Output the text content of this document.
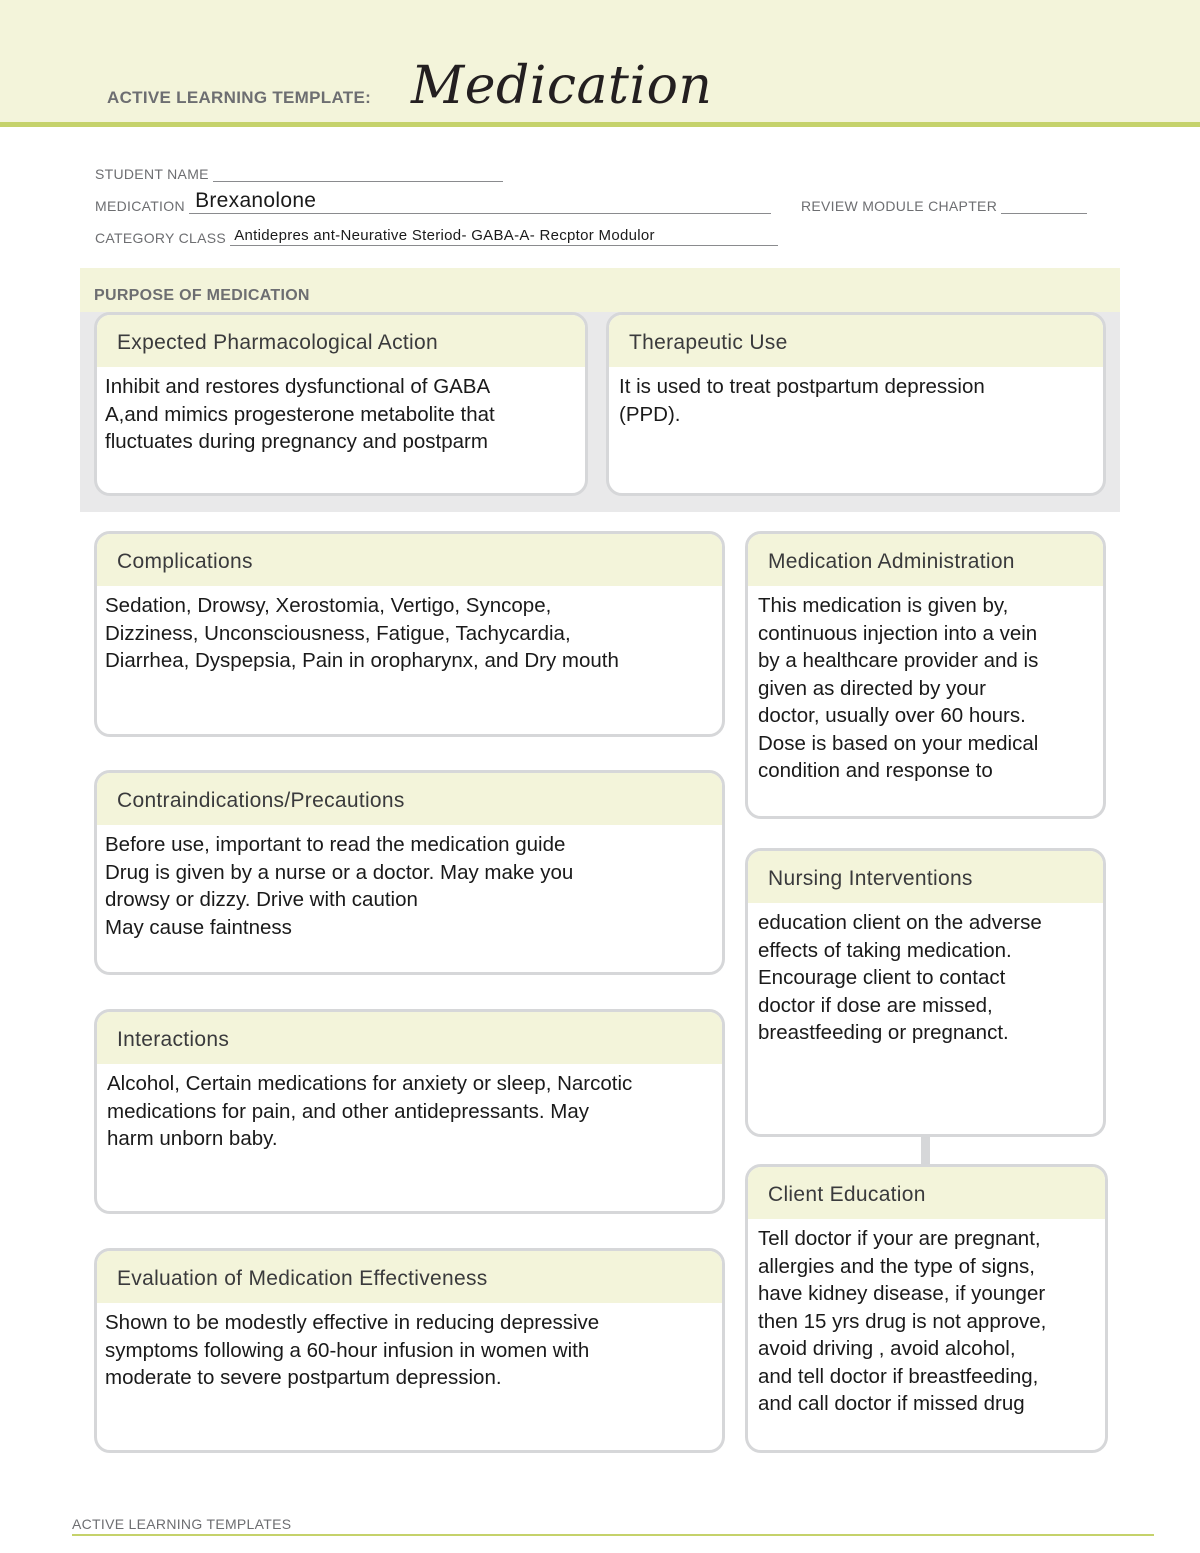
ACTIVE LEARNING TEMPLATE: Medication
STUDENT NAME
MEDICATION Brexanolone	REVIEW MODULE CHAPTER
CATEGORY CLASS Antidepres ant-Neurative Steriod- GABA-A- Recptor Modulor
PURPOSE OF MEDICATION
Expected Pharmacological Action
Inhibit and restores dysfunctional of GABA
A,and mimics progesterone metabolite that
fluctuates during pregnancy and postparm
Therapeutic Use
It is used to treat postpartum depression
(PPD).
Complications
Sedation, Drowsy, Xerostomia, Vertigo, Syncope,
Dizziness, Unconsciousness, Fatigue, Tachycardia,
Diarrhea, Dyspepsia, Pain in oropharynx, and Dry mouth
Contraindications/Precautions
Before use, important to read the medication guide
Drug is given by a nurse or a doctor. May make you
drowsy or dizzy. Drive with caution
May cause faintness
Interactions
Alcohol, Certain medications for anxiety or sleep, Narcotic
medications for pain, and other antidepressants. May
harm unborn baby.
Evaluation of Medication Effectiveness
Shown to be modestly effective in reducing depressive
symptoms following a 60-hour infusion in women with
moderate to severe postpartum depression.
Medication Administration
This medication is given by,
continuous injection into a vein
by a healthcare provider and is
given as directed by your
doctor, usually over 60 hours.
Dose is based on your medical
condition and response to
Nursing Interventions
education client on the adverse
effects of taking medication.
Encourage client to contact
doctor if dose are missed,
breastfeeding or pregnanct.
Client Education
Tell doctor if your are pregnant,
allergies and the type of signs,
have kidney disease, if younger
then 15 yrs drug is not approve,
avoid driving , avoid alcohol,
and tell doctor if breastfeeding,
and call doctor if missed drug
ACTIVE LEARNING TEMPLATES
